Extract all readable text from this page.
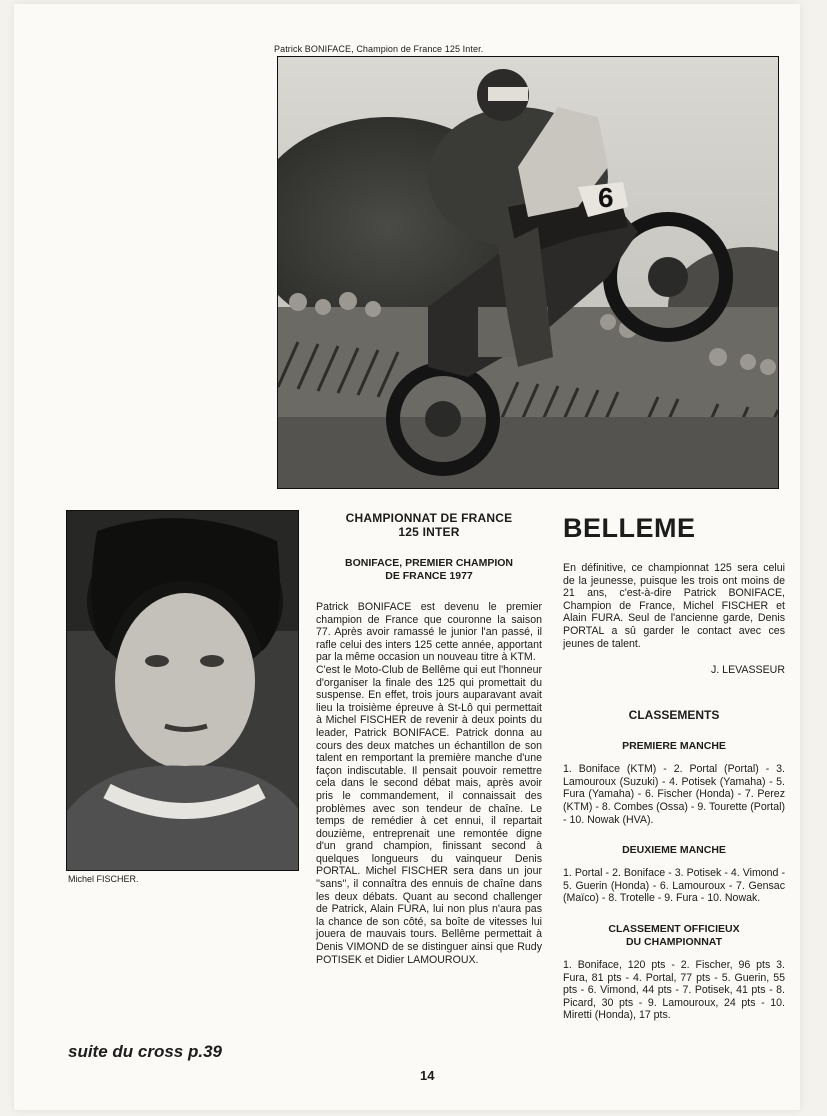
Patrick BONIFACE, Champion de France 125 Inter.
6
Michel FISCHER.
CHAMPIONNAT DE FRANCE
125 INTER
BONIFACE, PREMIER CHAMPION
DE FRANCE 1977
Patrick BONIFACE est devenu le premier champion de France que couronne la saison 77. Après avoir ramassé le junior l'an passé, il rafle celui des inters 125 cette année, apportant par la même occasion un nouveau titre à KTM.
C'est le Moto-Club de Bellême qui eut l'honneur d'organiser la finale des 125 qui promettait du suspense. En effet, trois jours auparavant avait lieu la troisième épreuve à St-Lô qui permettait à Michel FISCHER de revenir à deux points du leader, Patrick BONIFACE. Patrick donna au cours des deux matches un échantillon de son talent en remportant la première manche d'une façon indiscutable. Il pensait pouvoir remettre cela dans le second débat mais, après avoir pris le commandement, il connaissait des problèmes avec son tendeur de chaîne. Le temps de remédier à cet ennui, il repartait douzième, entreprenait une remontée digne d'un grand champion, finissant second à quelques longueurs du vainqueur Denis PORTAL. Michel FISCHER sera dans un jour ''sans'', il connaîtra des ennuis de chaîne dans les deux débats. Quant au second challenger de Patrick, Alain FURA, lui non plus n'aura pas la chance de son côté, sa boîte de vitesses lui jouera de mauvais tours. Bellême permettait à Denis VIMOND de se distinguer ainsi que Rudy POTISEK et Didier LAMOUROUX.
BELLEME
En définitive, ce championnat 125 sera celui de la jeunesse, puisque les trois ont moins de 21 ans, c'est-à-dire Patrick BONIFACE, Champion de France, Michel FISCHER et Alain FURA. Seul de l'ancienne garde, Denis PORTAL a sû garder le contact avec ces jeunes de talent.
J. LEVASSEUR
CLASSEMENTS
PREMIERE MANCHE
1. Boniface (KTM) - 2. Portal (Portal) - 3. Lamouroux (Suzuki) - 4. Potisek (Yamaha) - 5. Fura (Yamaha) - 6. Fischer (Honda) - 7. Perez (KTM) - 8. Combes (Ossa) - 9. Tourette (Portal) - 10. Nowak (HVA).
DEUXIEME MANCHE
1. Portal - 2. Boniface - 3. Potisek - 4. Vimond - 5. Guerin (Honda) - 6. Lamouroux - 7. Gensac (Maïco) - 8. Trotelle - 9. Fura - 10. Nowak.
CLASSEMENT OFFICIEUX
DU CHAMPIONNAT
1. Boniface, 120 pts - 2. Fischer, 96 pts 3. Fura, 81 pts - 4. Portal, 77 pts - 5. Guerin, 55 pts - 6. Vimond, 44 pts - 7. Potisek, 41 pts - 8. Picard, 30 pts - 9. Lamouroux, 24 pts - 10. Miretti (Honda), 17 pts.
suite du cross p.39
14
